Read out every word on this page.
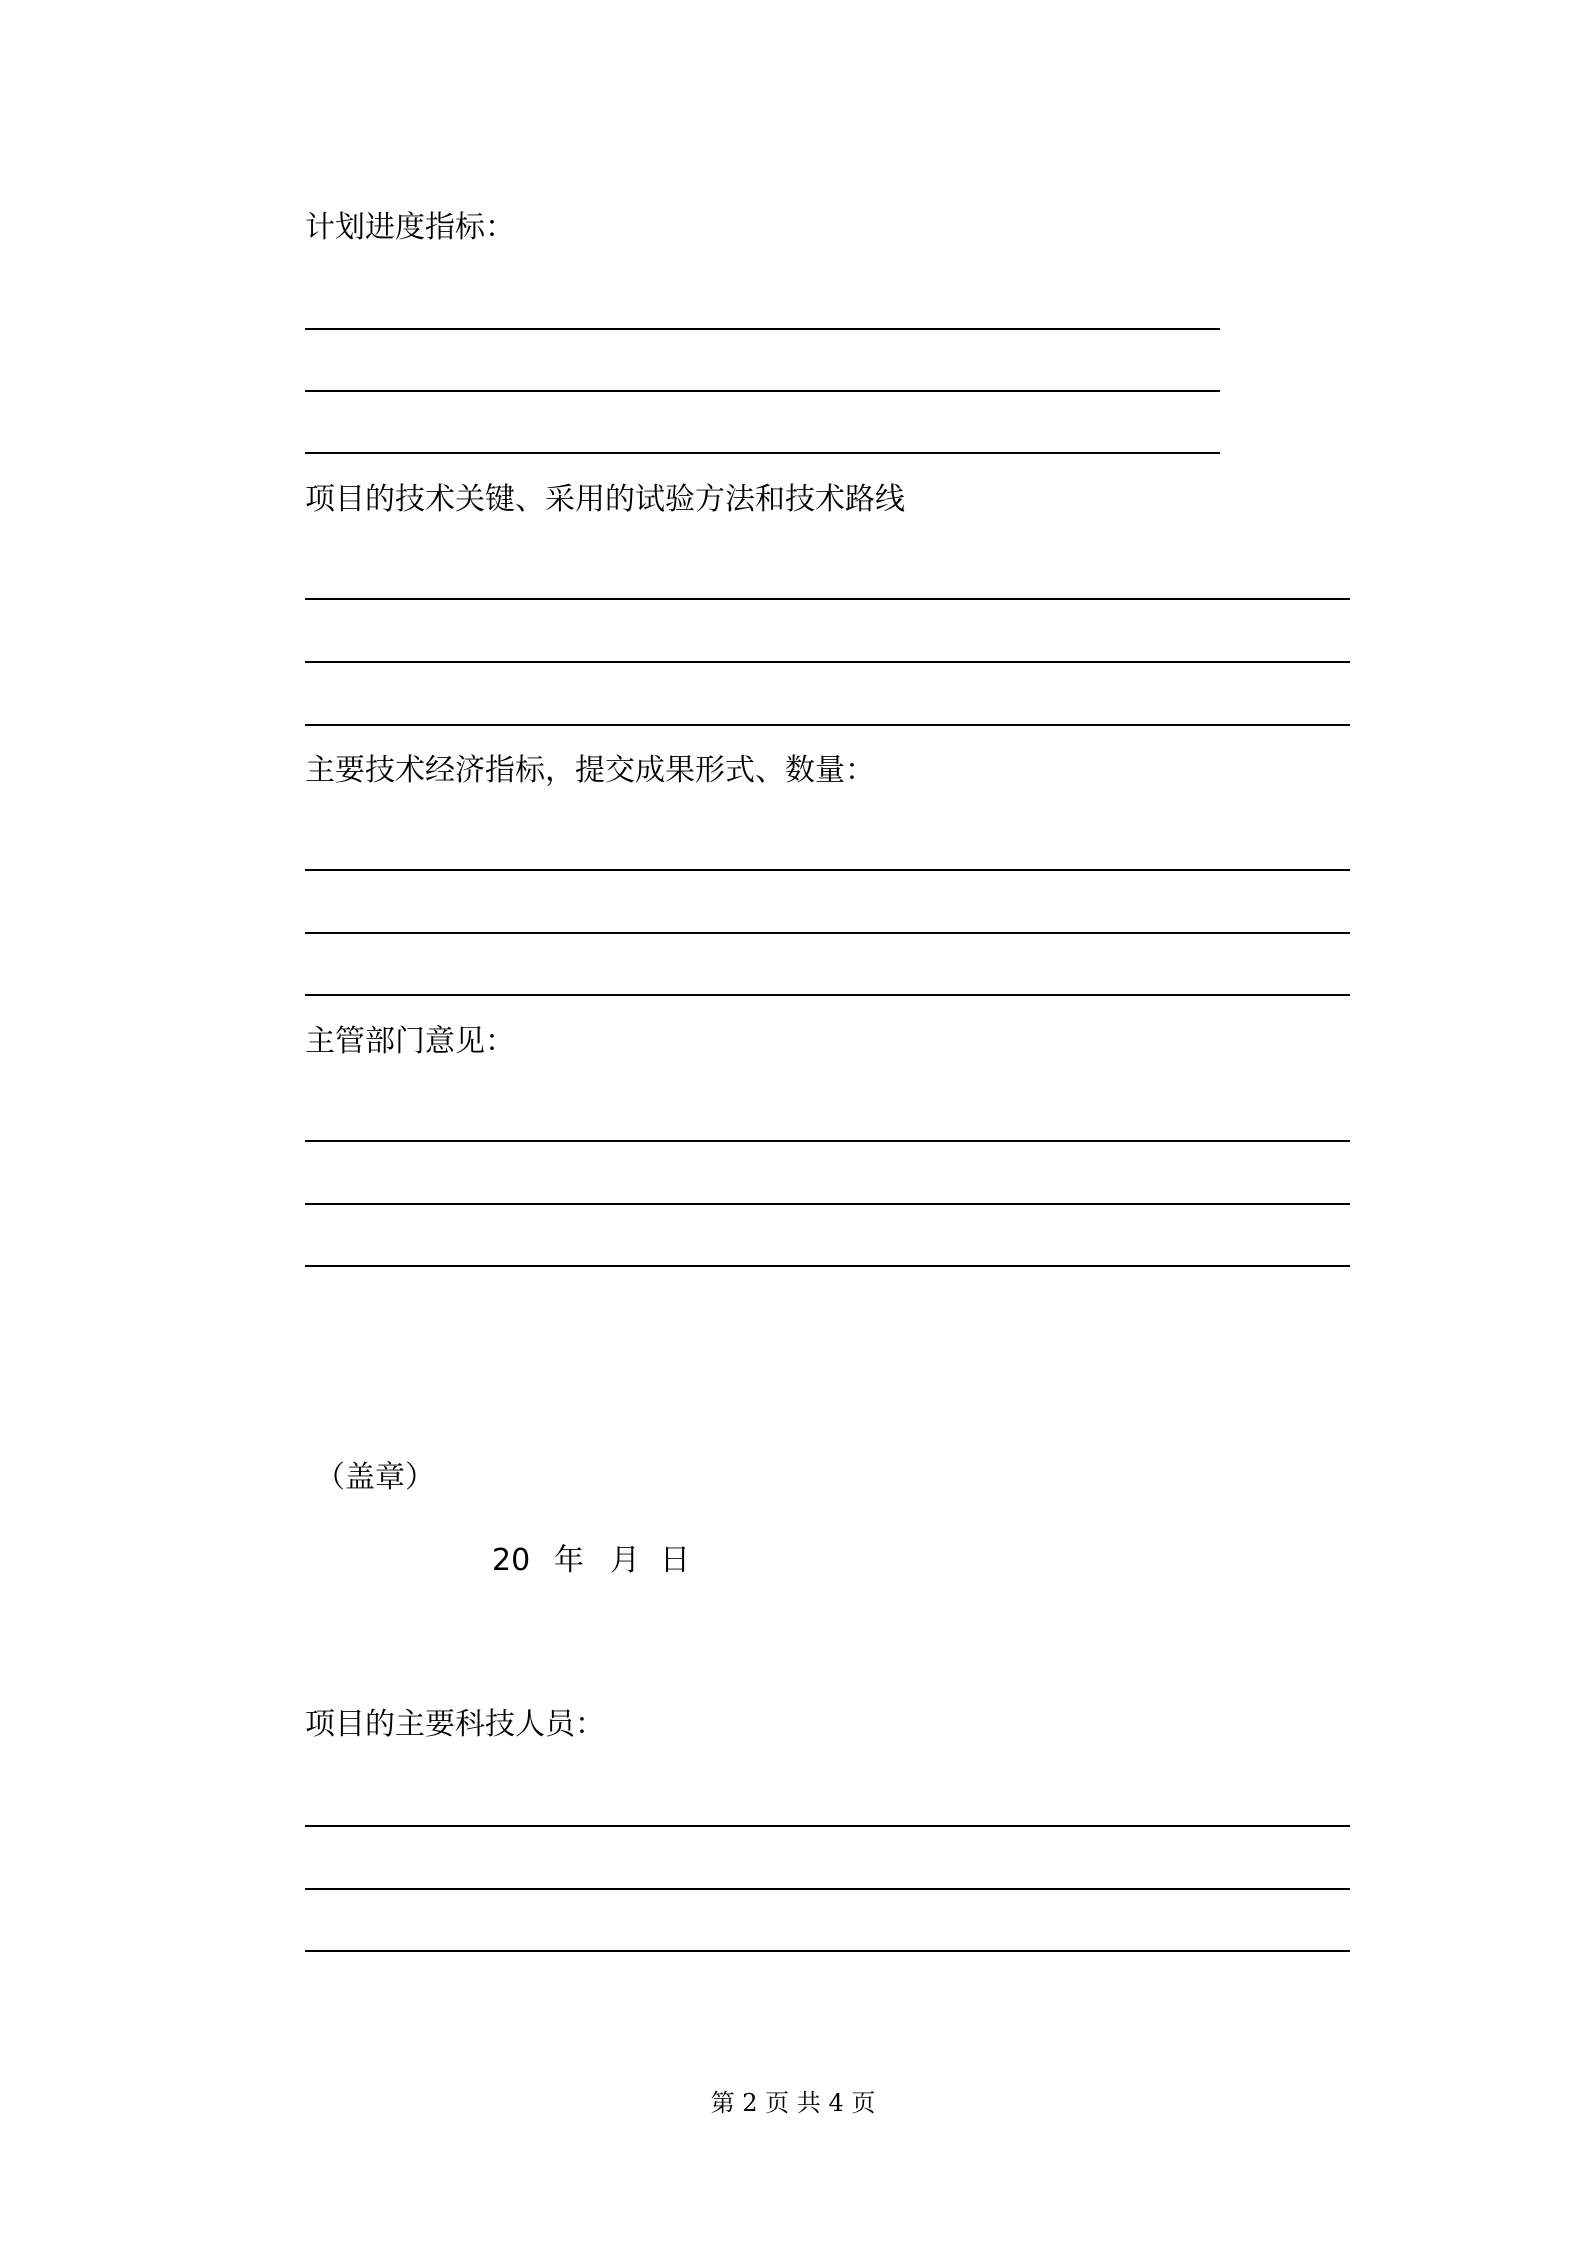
计划进度指标：
项目的技术关键、采用的试验方法和技术路线
主要技术经济指标，提交成果形式、数量：
主管部门意见：
（盖章）
20 年 月 日
项目的主要科技人员：
第 2 页 共 4 页
